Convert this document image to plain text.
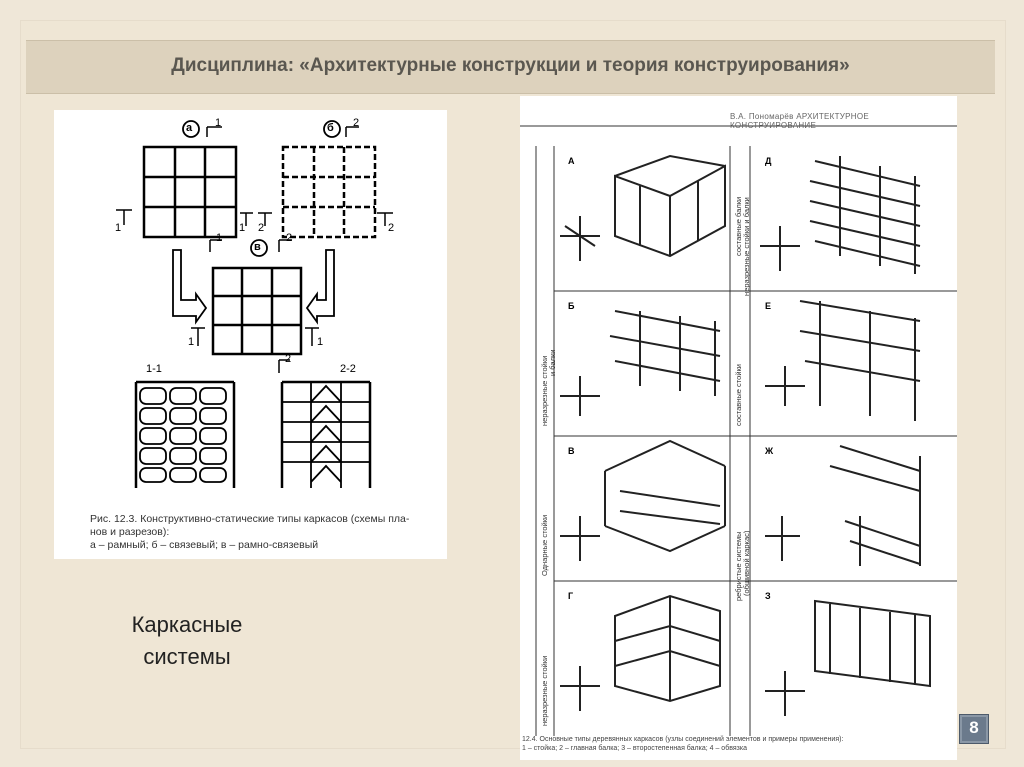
Дисциплина: «Архитектурные конструкции и теория конструирования»
а	б
в
1	2
1	1 2	2
1	2
1	1
2
1-1	2-2
Рис. 12.3. Конструктивно-статические типы каркасов (схемы пла-
нов и разрезов):
а – рамный; б – связевый; в – рамно-связевый
Каркасные
системы
В.А. Пономарёв АРХИТЕКТУРНОЕ КОНСТРУИРОВАНИЕ
А	Д
Б	Е
В	Ж
Г	З
неразрезные стойки и балки
Однарные стойки
неразрезные стойки
составные балки
составные стойки
неразрезные стойки и балки
ребристые системы (обшивной каркас)
12.4. Основные типы деревянных каркасов (узлы соединений элементов и примеры применения):
1 – стойка; 2 – главная балка; 3 – второстепенная балка; 4 – обвязка
8
